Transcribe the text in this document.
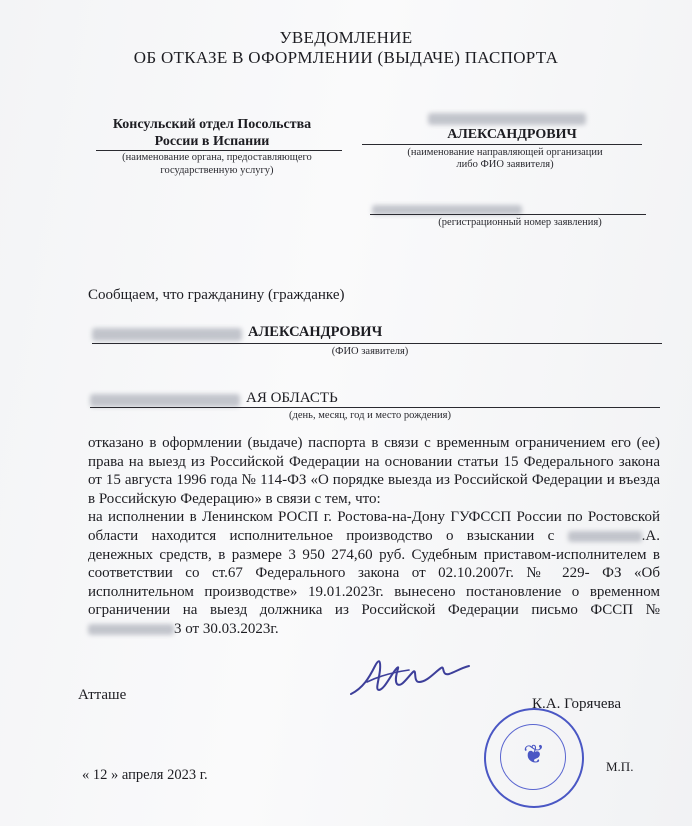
УВЕДОМЛЕНИЕ
ОБ ОТКАЗЕ В ОФОРМЛЕНИИ (ВЫДАЧЕ) ПАСПОРТА
Консульский отдел Посольства
России в Испании
(наименование органа, предоставляющего
государственную услугу)
АЛЕКСАНДРОВИЧ
(наименование направляющей организации
либо ФИО заявителя)
(регистрационный номер заявления)
Сообщаем, что гражданину (гражданке)
АЛЕКСАНДРОВИЧ
(ФИО заявителя)
АЯ ОБЛАСТЬ
(день, месяц, год и место рождения)

отказано в оформлении (выдаче) паспорта в связи с временным ограничением его (ее) права на выезд из Российской Федерации на основании статьи 15 Федерального закона от 15 августа 1996 года № 114-ФЗ «О порядке выезда из Российской Федерации и въезда в Российскую Федерацию» в связи с тем, что:

на исполнении в Ленинском РОСП г. Ростова-на-Дону ГУФССП России по Ростовской области находится исполнительное производство о взыскании с	.А. денежных средств, в размере 3 950 274,60 руб. Судебным приставом-исполнителем в соответствии со ст.67 Федерального закона от 02.10.2007г. № 229- ФЗ «Об исполнительном производстве» 19.01.2023г. вынесено постановление о временном ограничении на выезд должника из Российской Федерации письмо ФССП № 3 от 30.03.2023г.

Атташе
К.А. Горячева
❦
« 12 » апреля 2023 г.
М.П.
